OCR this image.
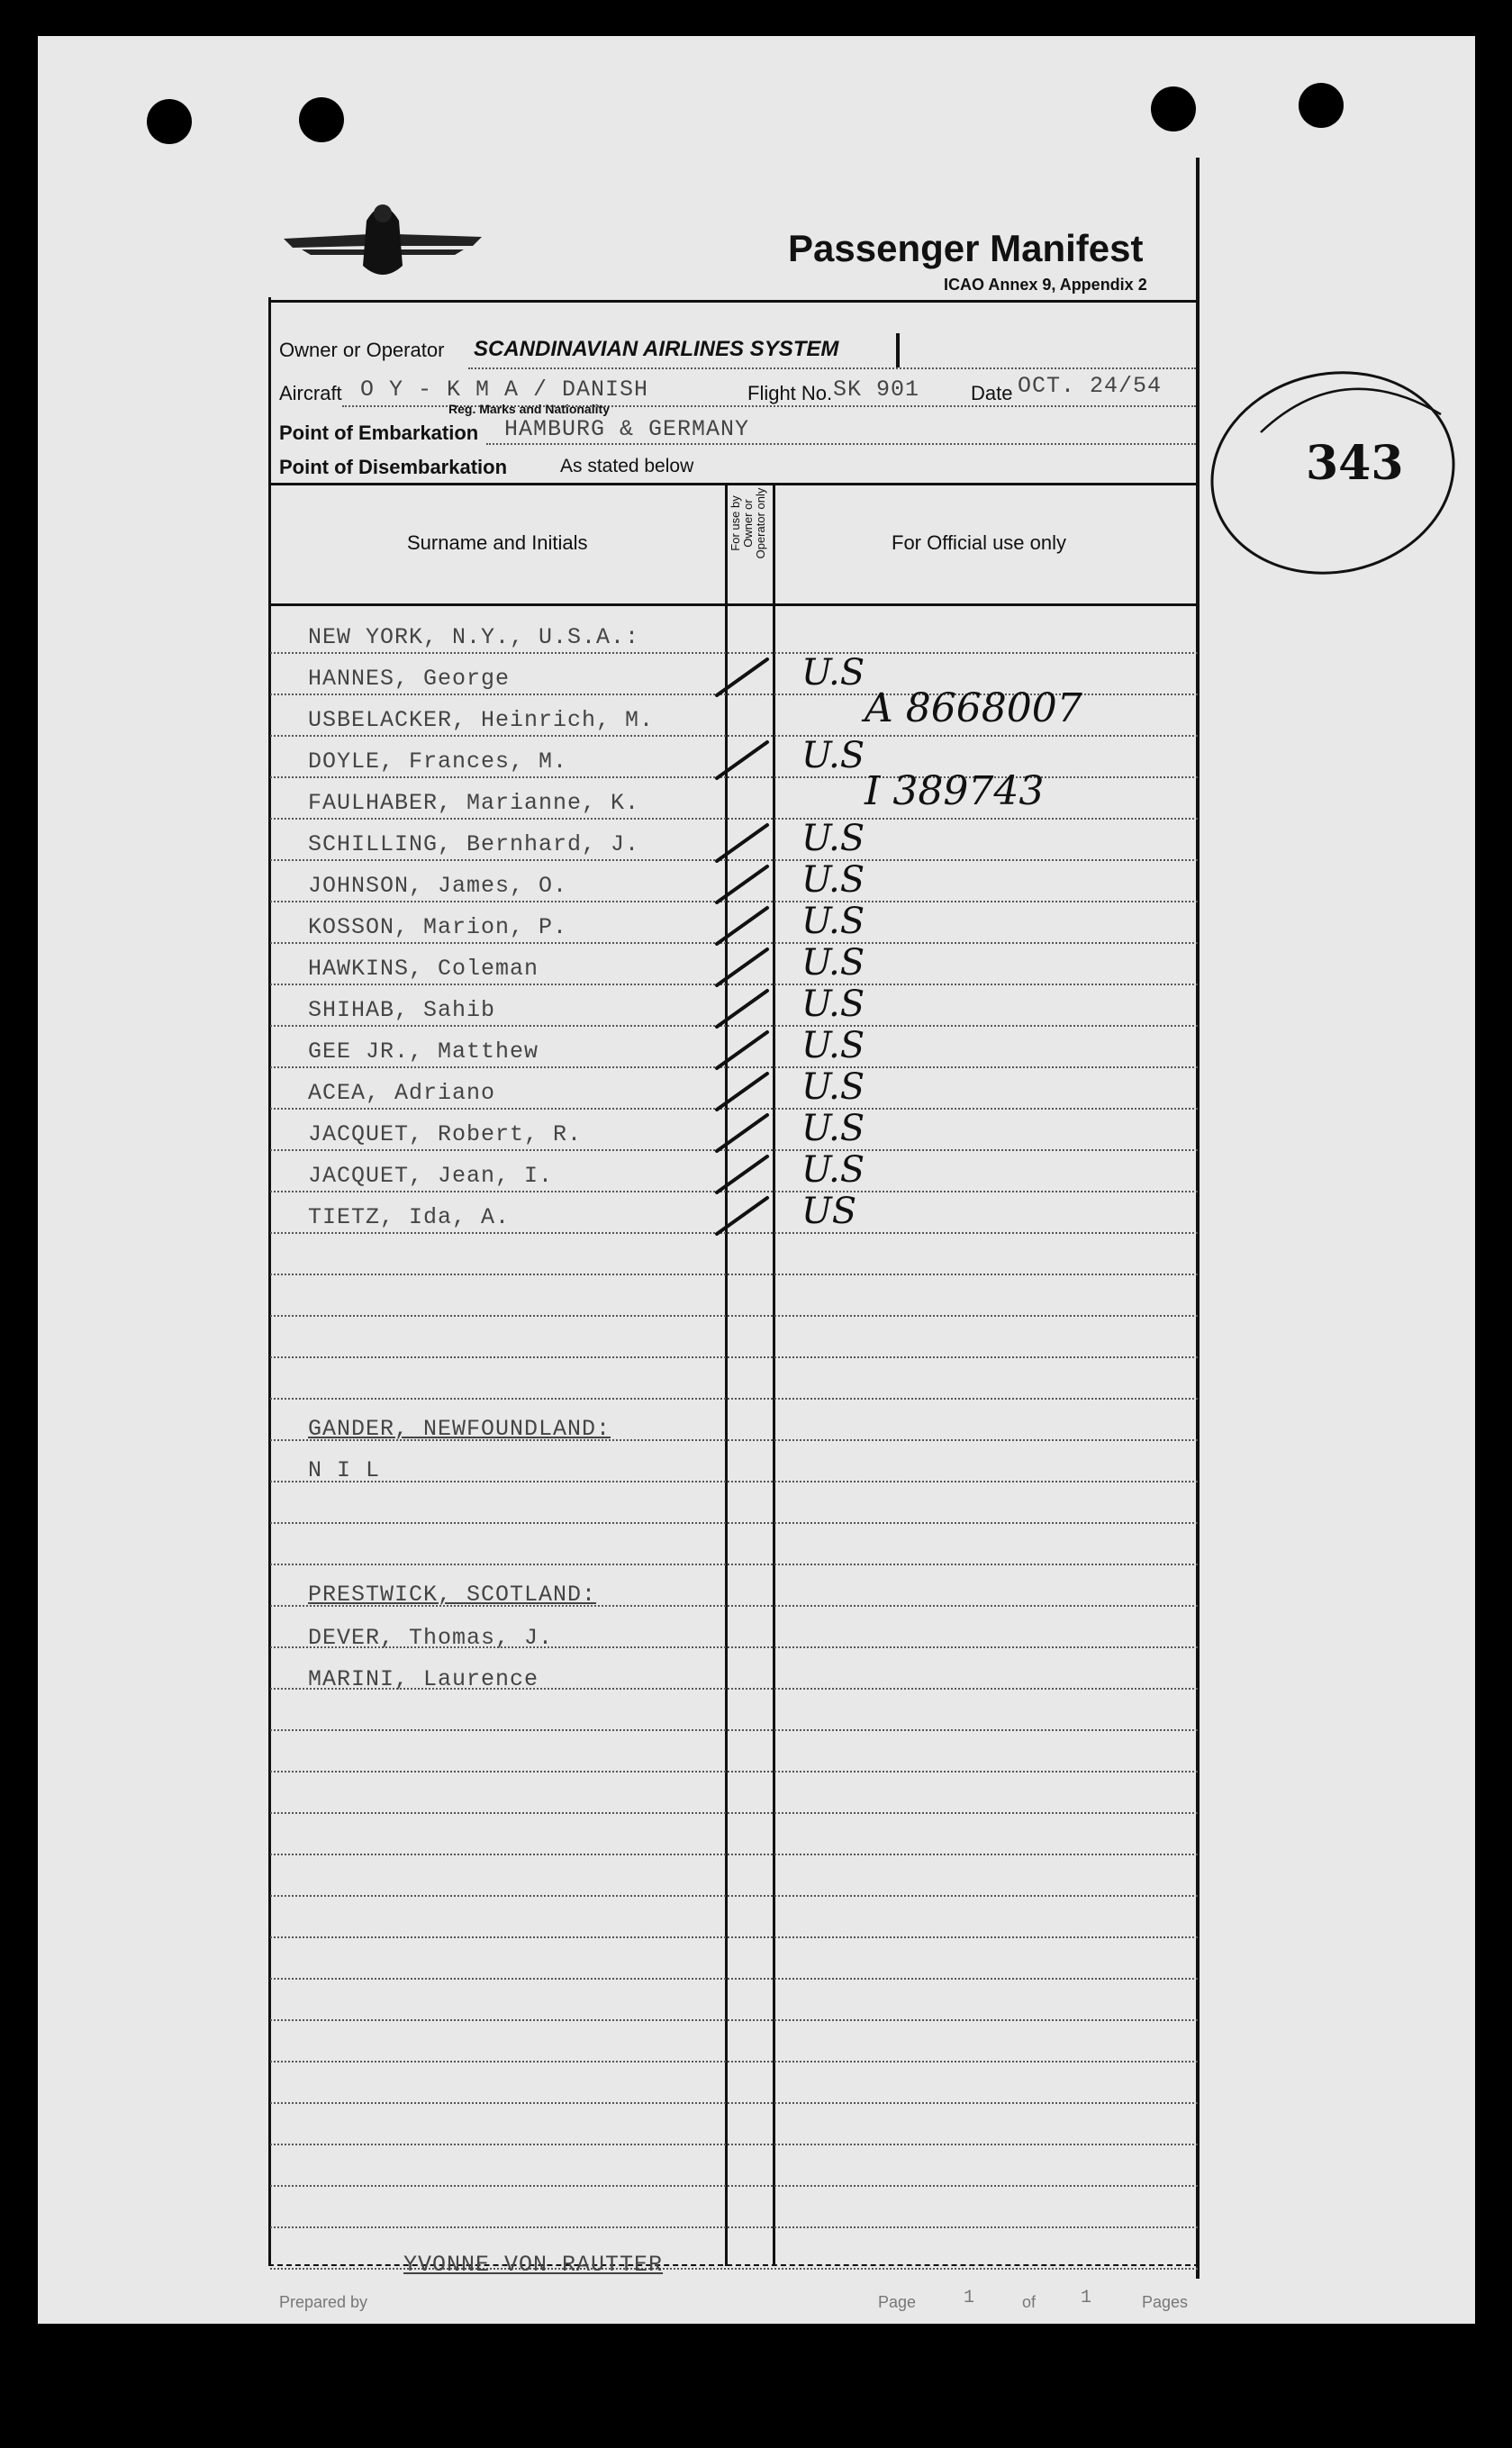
Passenger Manifest
ICAO Annex 9, Appendix 2
343
Owner or Operator SCANDINAVIAN AIRLINES SYSTEM
Aircraft O Y - K M A / DANISH	Flight No. SK 901	Date OCT. 24/54
Reg. Marks and Nationality
Point of Embarkation HAMBURG & GERMANY
Point of Disembarkation	As stated below
Surname and Initials	For use by Owner or Operator only	For Official use only
NEW YORK, N.Y., U.S.A.:
HANNES, George	U.S
USBELACKER, Heinrich, M.	A 8668007
DOYLE, Frances, M.	U.S
FAULHABER, Marianne, K.	I 389743
SCHILLING, Bernhard, J.	U.S
JOHNSON, James, O.	U.S
KOSSON, Marion, P.	U.S
HAWKINS, Coleman	U.S
SHIHAB, Sahib	U.S
GEE JR., Matthew	U.S
ACEA, Adriano	U.S
JACQUET, Robert, R.	U.S
JACQUET, Jean, I.	U.S
TIETZ, Ida, A.	US
GANDER, NEWFOUNDLAND:
N I L
PRESTWICK, SCOTLAND:
DEVER, Thomas, J.
MARINI, Laurence
YVONNE VON RAUTTER
Prepared by	Page	1	of 1	Pages
